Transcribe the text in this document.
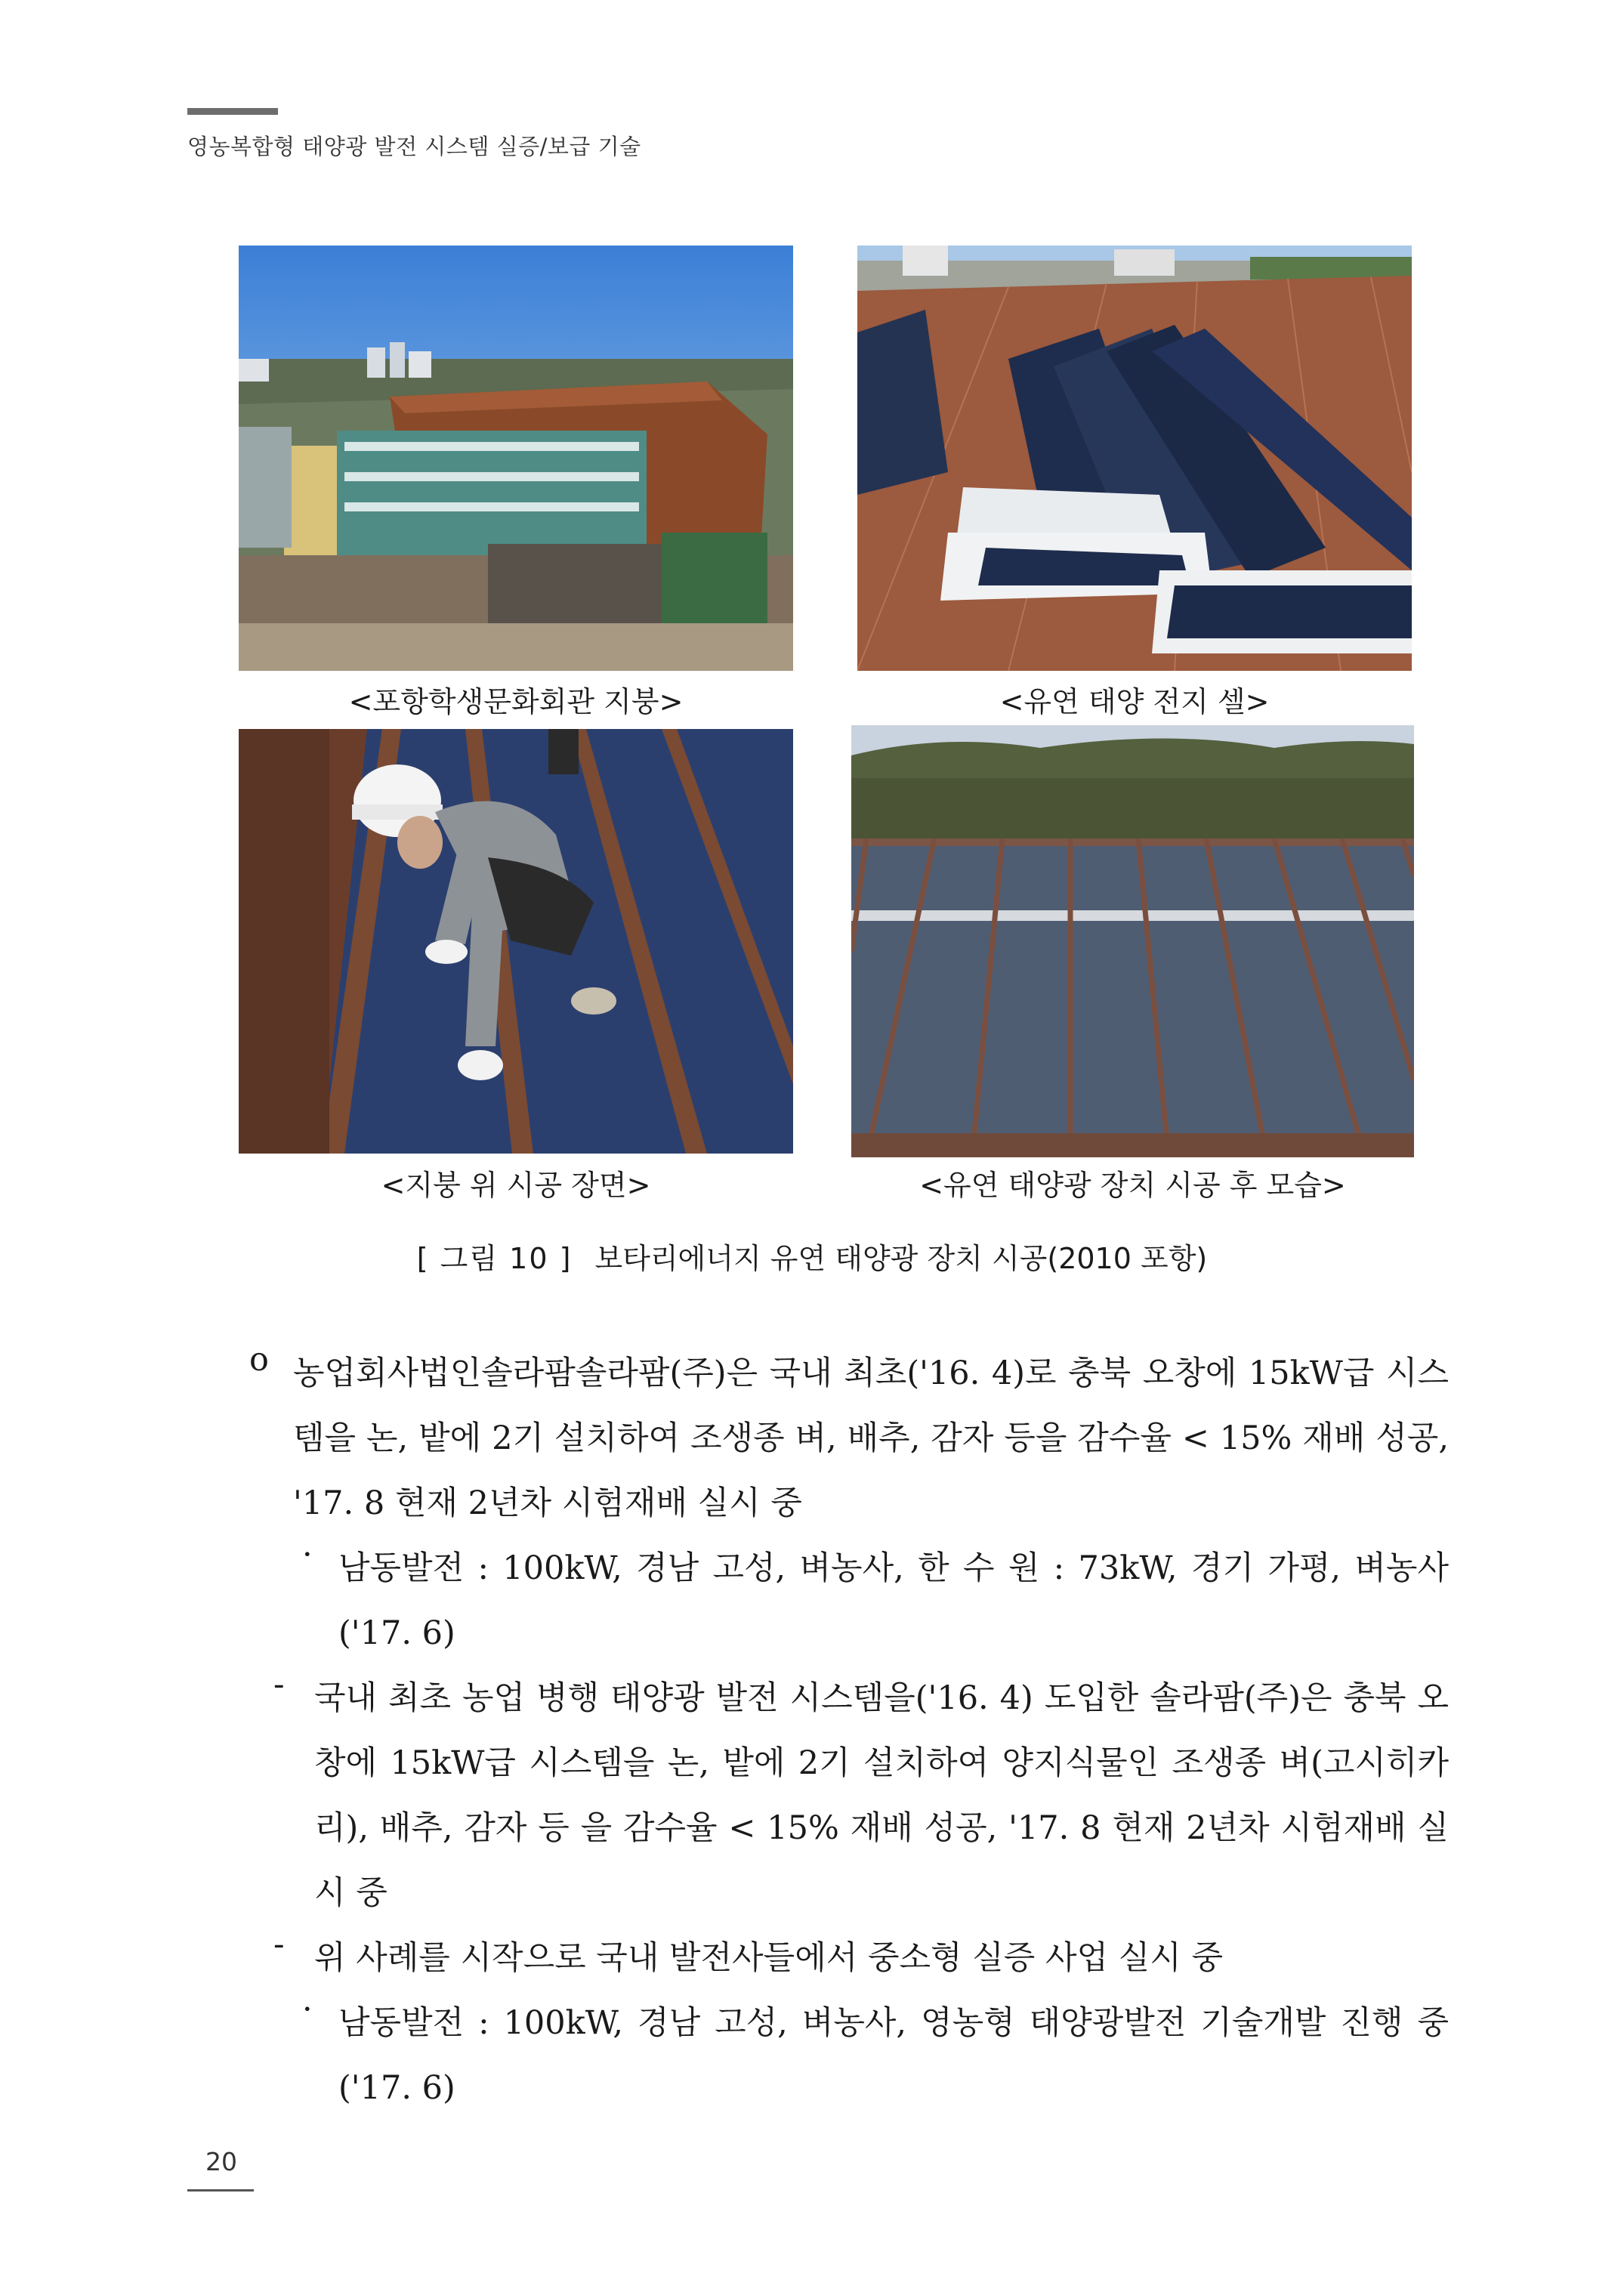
영농복합형 태양광 발전 시스템 실증/보급 기술
<포항학생문화회관 지붕>	<유연 태양 전지 셀>
<지붕 위 시공 장면>	<유연 태양광 장치 시공 후 모습>
[ 그림 10 ] 보타리에너지 유연 태양광 장치 시공(2010 포항)
o 농업회사법인솔라팜솔라팜(주)은 국내 최초('16. 4)로 충북 오창에 15kW급 시스템을 논, 밭에 2기 설치하여 조생종 벼, 배추, 감자 등을 감수율 < 15% 재배 성공, '17. 8 현재 2년차 시험재배 실시 중
· 남동발전 : 100kW, 경남 고성, 벼농사, 한 수 원 : 73kW, 경기 가평, 벼농사 ('17. 6)
- 국내 최초 농업 병행 태양광 발전 시스템을('16. 4) 도입한 솔라팜(주)은 충북 오창에 15kW급 시스템을 논, 밭에 2기 설치하여 양지식물인 조생종 벼(고시히카리), 배추, 감자 등 을 감수율 < 15% 재배 성공, '17. 8 현재 2년차 시험재배 실시 중
- 위 사례를 시작으로 국내 발전사들에서 중소형 실증 사업 실시 중
· 남동발전 : 100kW, 경남 고성, 벼농사, 영농형 태양광발전 기술개발 진행 중 ('17. 6)
20
